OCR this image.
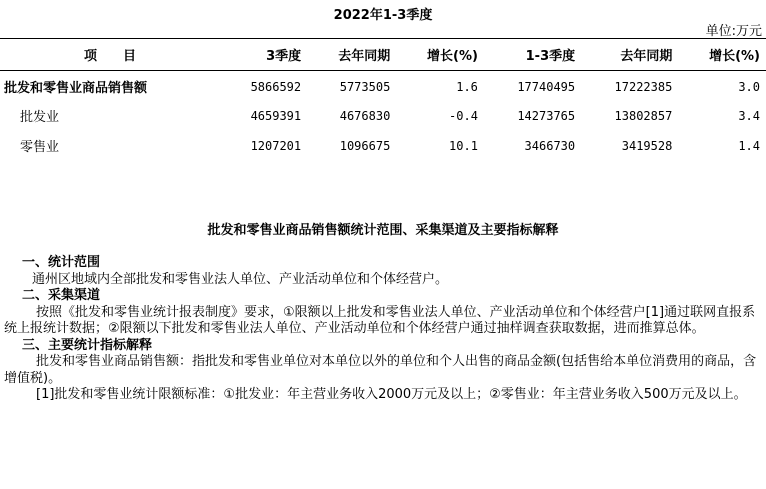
2022年1-3季度
单位:万元
项　　目	3季度	去年同期	增长(%)	1-3季度	去年同期	增长(%)
批发和零售业商品销售额	5866592	5773505	1.6	17740495	17222385	3.0
批发业	4659391	4676830	-0.4	14273765	13802857	3.4
零售业	1207201	1096675	10.1	3466730	3419528	1.4
批发和零售业商品销售额统计范围、采集渠道及主要指标解释

一、统计范围

通州区地域内全部批发和零售业法人单位、产业活动单位和个体经营户。

二、采集渠道

按照《批发和零售业统计报表制度》要求，①限额以上批发和零售业法人单位、产业活动单位和个体经营户[1]通过联网直报系统上报统计数据；②限额以下批发和零售业法人单位、产业活动单位和个体经营户通过抽样调查获取数据，进而推算总体。

三、主要统计指标解释

批发和零售业商品销售额：指批发和零售业单位对本单位以外的单位和个人出售的商品金额(包括售给本单位消费用的商品，含增值税)。

[1]批发和零售业统计限额标准：①批发业：年主营业务收入2000万元及以上；②零售业：年主营业务收入500万元及以上。
